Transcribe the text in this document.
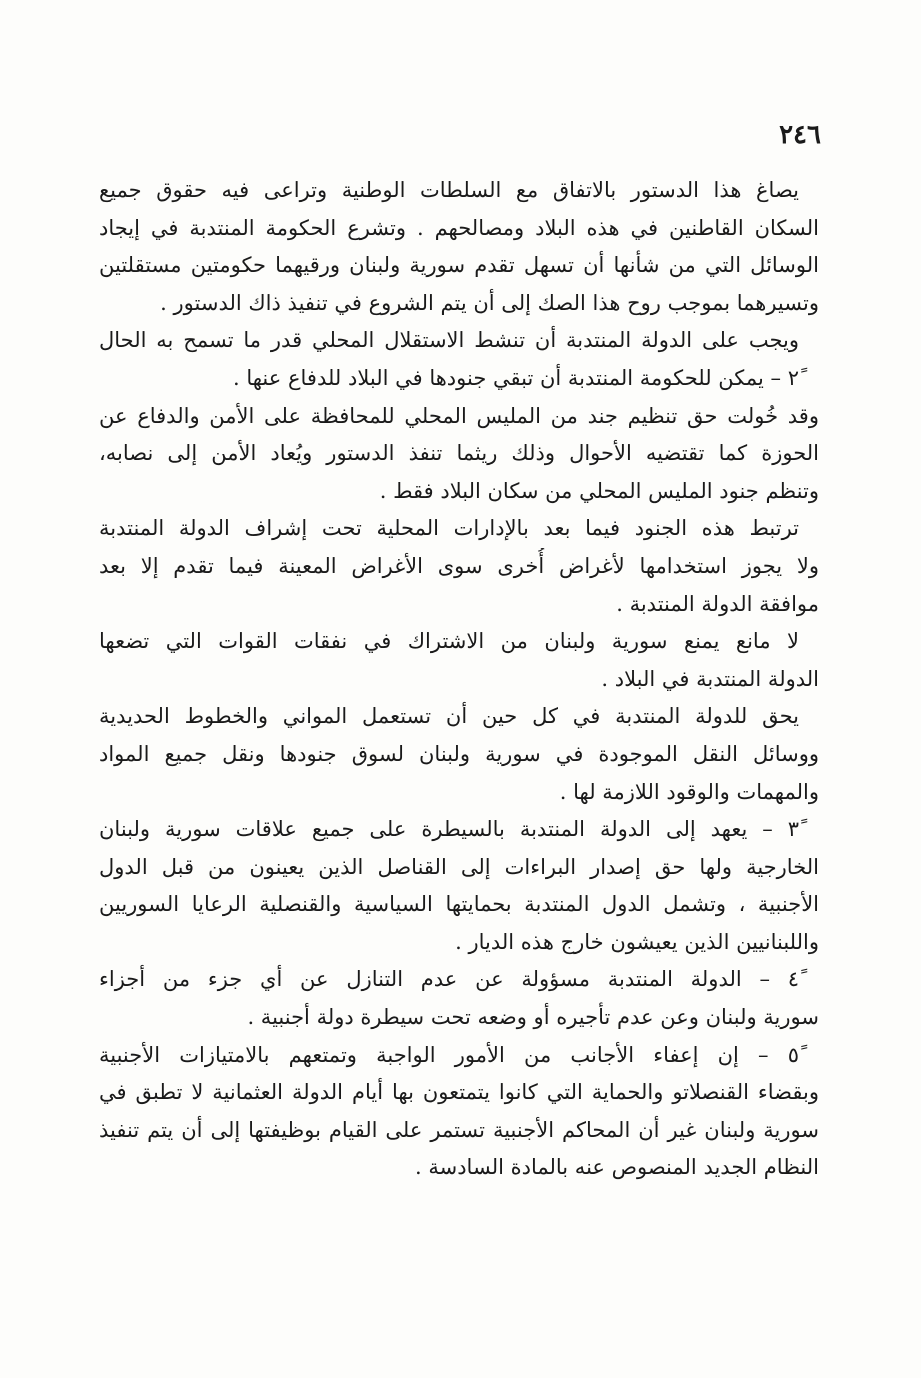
٢٤٦
يصاغ هذا الدستور بالاتفاق مع السلطات الوطنية وتراعى فيه حقوق جميع
السكان القاطنين في هذه البلاد ومصالحهم . وتشرع الحكومة المنتدبة في إيجاد
الوسائل التي من شأنها أن تسهل تقدم سورية ولبنان ورقيهما حكومتين مستقلتين
وتسيرهما بموجب روح هذا الصك إلى أن يتم الشروع في تنفيذ ذاك الدستور .
ويجب على الدولة المنتدبة أن تنشط الاستقلال المحلي قدر ما تسمح به الحال
٢ً – يمكن للحكومة المنتدبة أن تبقي جنودها في البلاد للدفاع عنها .
وقد خُولت حق تنظيم جند من المليس المحلي للمحافظة على الأمن والدفاع عن
الحوزة كما تقتضيه الأحوال وذلك ريثما تنفذ الدستور ويُعاد الأمن إلى نصابه،
وتنظم جنود المليس المحلي من سكان البلاد فقط .
ترتبط هذه الجنود فيما بعد بالإدارات المحلية تحت إشراف الدولة المنتدبة
ولا يجوز استخدامها لأغراض أُخرى سوى الأغراض المعينة فيما تقدم إلا بعد
موافقة الدولة المنتدبة .
لا مانع يمنع سورية ولبنان من الاشتراك في نفقات القوات التي تضعها
الدولة المنتدبة في البلاد .
يحق للدولة المنتدبة في كل حين أن تستعمل المواني والخطوط الحديدية
ووسائل النقل الموجودة في سورية ولبنان لسوق جنودها ونقل جميع المواد
والمهمات والوقود اللازمة لها .
٣ً – يعهد إلى الدولة المنتدبة بالسيطرة على جميع علاقات سورية ولبنان
الخارجية ولها حق إصدار البراءات إلى القناصل الذين يعينون من قبل الدول
الأجنبية ، وتشمل الدول المنتدبة بحمايتها السياسية والقنصلية الرعايا السوريين
واللبنانيين الذين يعيشون خارج هذه الديار .
٤ً – الدولة المنتدبة مسؤولة عن عدم التنازل عن أي جزء من أجزاء
سورية ولبنان وعن عدم تأجيره أو وضعه تحت سيطرة دولة أجنبية .
٥ً – إن إعفاء الأجانب من الأمور الواجبة وتمتعهم بالامتيازات الأجنبية
وبقضاء القنصلاتو والحماية التي كانوا يتمتعون بها أيام الدولة العثمانية لا تطبق في
سورية ولبنان غير أن المحاكم الأجنبية تستمر على القيام بوظيفتها إلى أن يتم تنفيذ
النظام الجديد المنصوص عنه بالمادة السادسة .
